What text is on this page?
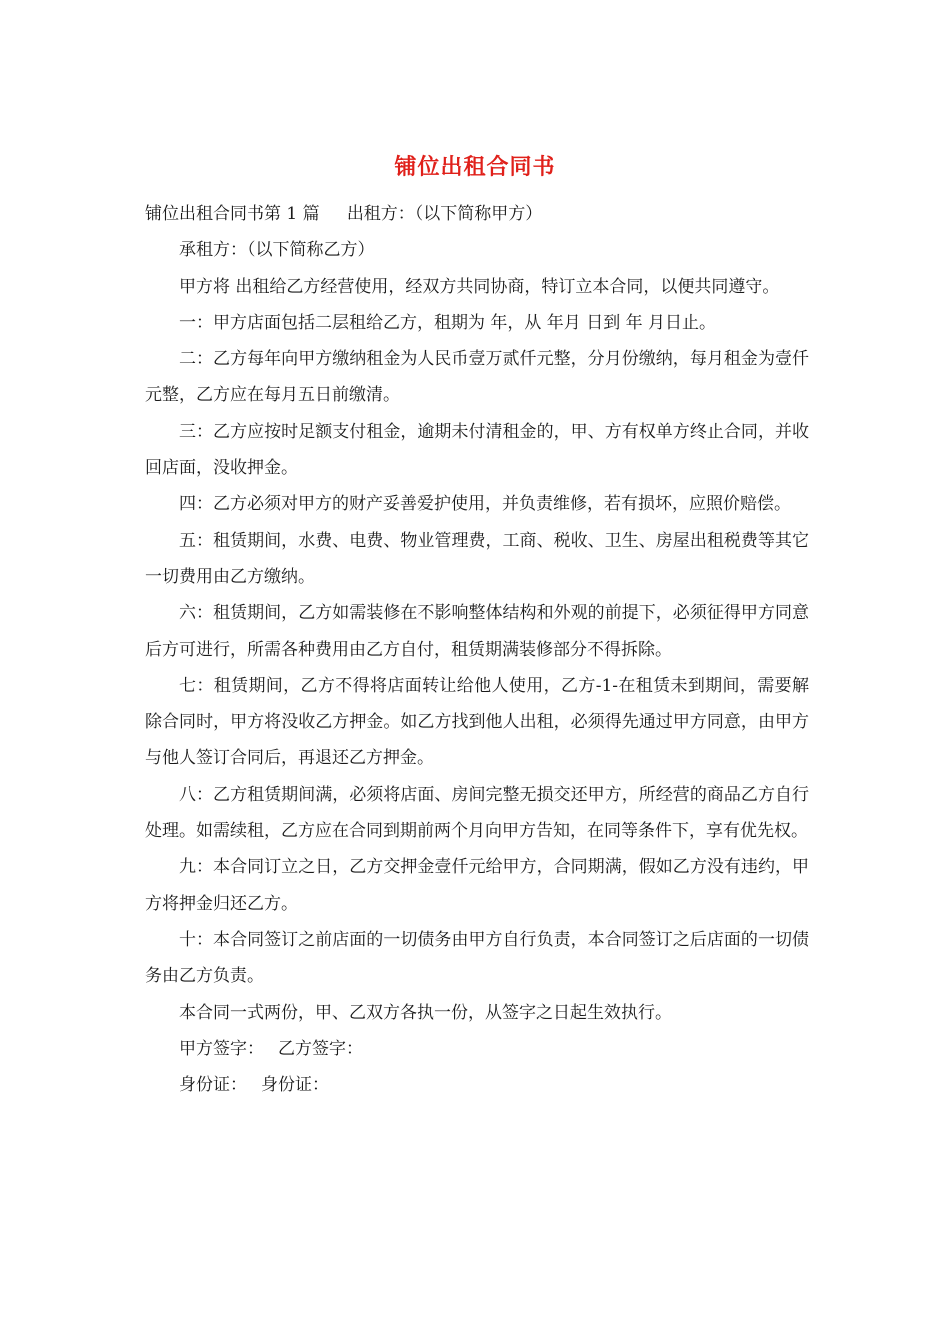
铺位出租合同书

铺位出租合同书第 1 篇 出租方：（以下简称甲方）

承租方：（以下简称乙方）

甲方将 出租给乙方经营使用，经双方共同协商，特订立本合同，以便共同遵守。

一：甲方店面包括二层租给乙方，租期为 年，从 年月 日到 年 月日止。

二：乙方每年向甲方缴纳租金为人民币壹万贰仟元整，分月份缴纳，每月租金为壹仟元整，乙方应在每月五日前缴清。

三：乙方应按时足额支付租金，逾期未付清租金的，甲、方有权单方终止合同，并收回店面，没收押金。

四：乙方必须对甲方的财产妥善爱护使用，并负责维修，若有损坏，应照价赔偿。

五：租赁期间，水费、电费、物业管理费，工商、税收、卫生、房屋出租税费等其它一切费用由乙方缴纳。

六：租赁期间，乙方如需装修在不影响整体结构和外观的前提下，必须征得甲方同意后方可进行，所需各种费用由乙方自付，租赁期满装修部分不得拆除。

七：租赁期间，乙方不得将店面转让给他人使用，乙方-1-在租赁未到期间，需要解除合同时，甲方将没收乙方押金。如乙方找到他人出租，必须得先通过甲方同意，由甲方与他人签订合同后，再退还乙方押金。

八：乙方租赁期间满，必须将店面、房间完整无损交还甲方，所经营的商品乙方自行处理。如需续租，乙方应在合同到期前两个月向甲方告知，在同等条件下，享有优先权。

九：本合同订立之日，乙方交押金壹仟元给甲方，合同期满，假如乙方没有违约，甲方将押金归还乙方。

十：本合同签订之前店面的一切债务由甲方自行负责，本合同签订之后店面的一切债务由乙方负责。

本合同一式两份，甲、乙双方各执一份，从签字之日起生效执行。

甲方签字： 乙方签字：

身份证： 身份证：
